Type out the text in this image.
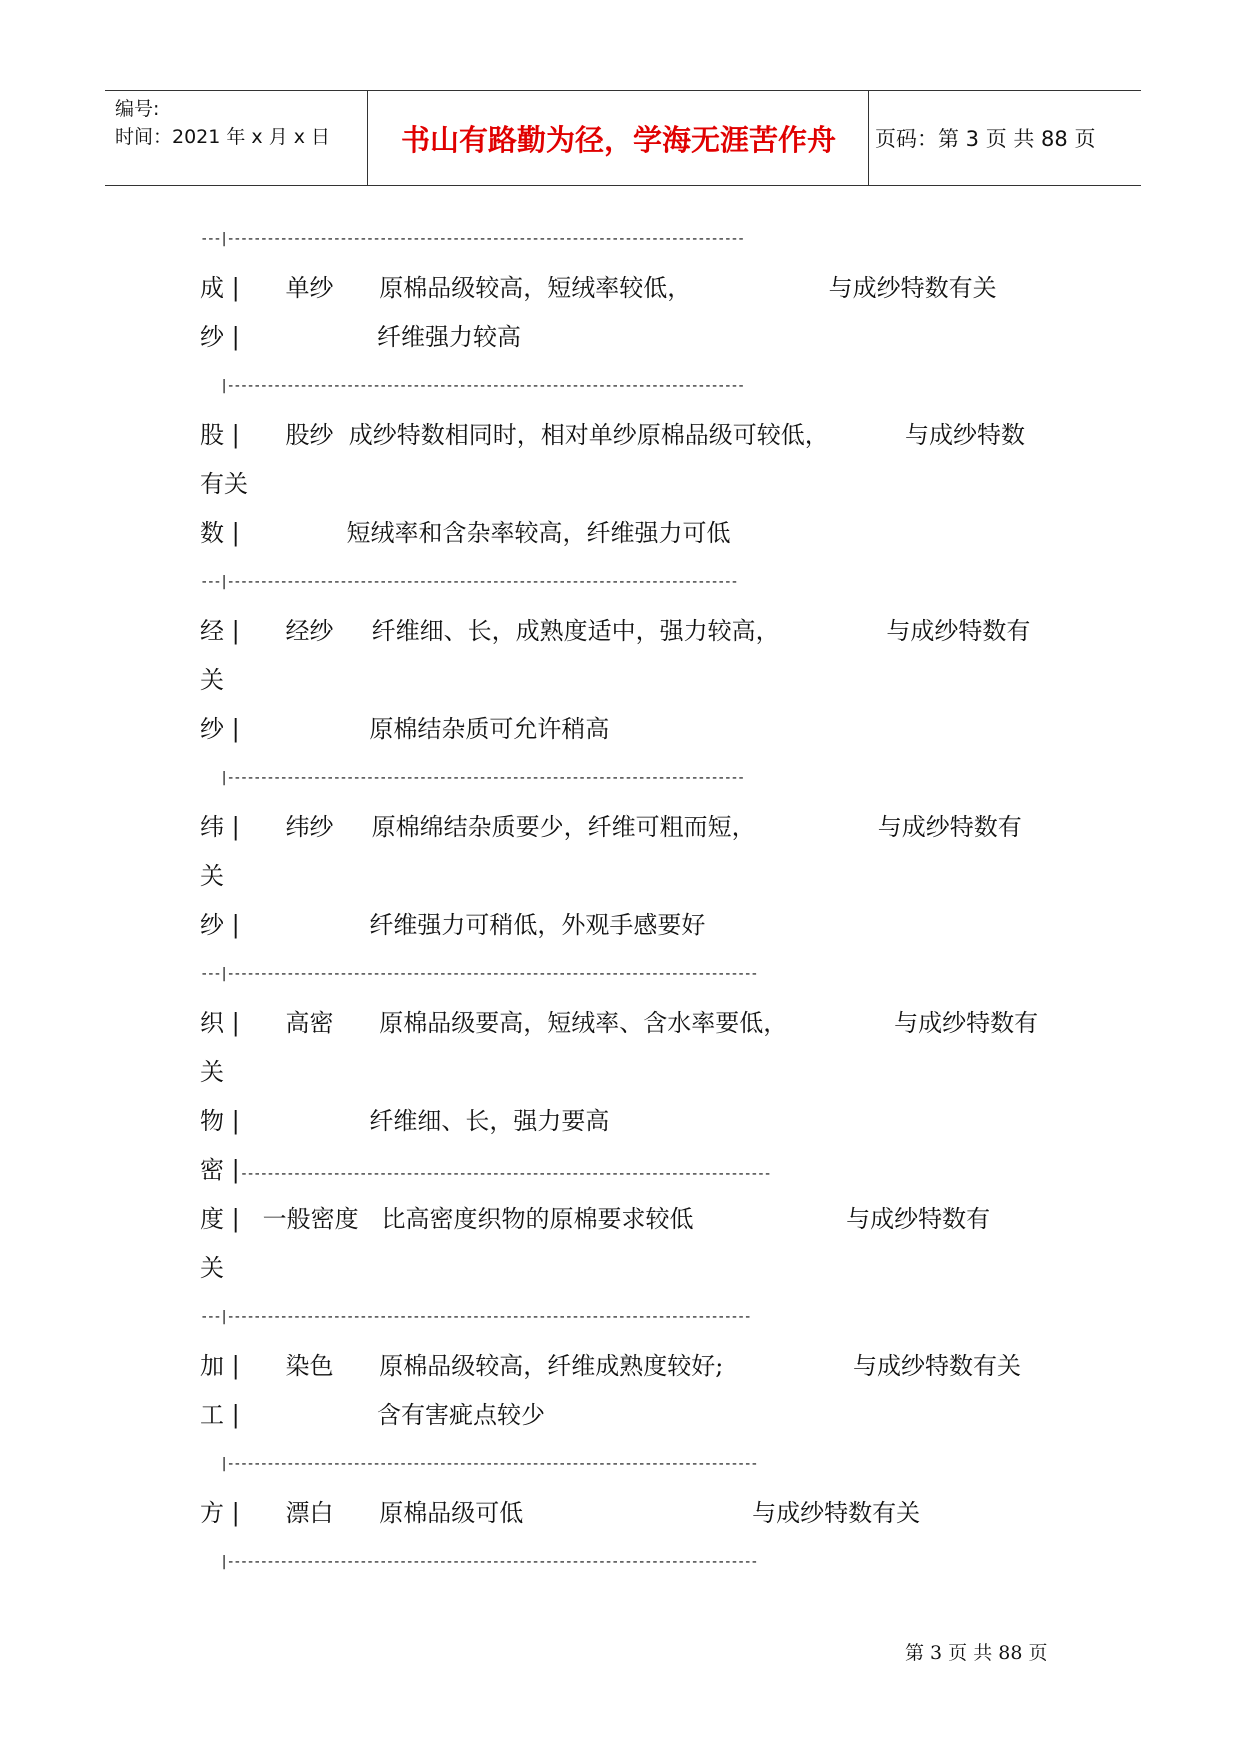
编号:
时间：2021 年 x 月 x 日	书山有路勤为径，学海无涯苦作舟	页码：第 3 页 共 88 页
---|------------------------------------------------------------------------------
成 |      单纱      原棉品级较高，短绒率较低，                  与成纱特数有关
纱 |                  纤维强力较高
|------------------------------------------------------------------------------
股 |      股纱  成纱特数相同时，相对单纱原棉品级可较低，          与成纱特数
有关
数 |              短绒率和含杂率较高，纤维强力可低
---|-----------------------------------------------------------------------------
经 |      经纱     纤维细、长，成熟度适中，强力较高，              与成纱特数有
关
纱 |                 原棉结杂质可允许稍高
|------------------------------------------------------------------------------
纬 |      纬纱     原棉绵结杂质要少，纤维可粗而短，                与成纱特数有
关
纱 |                 纤维强力可稍低，外观手感要好
---|--------------------------------------------------------------------------------
织 |      高密      原棉品级要高，短绒率、含水率要低，              与成纱特数有
关
物 |                 纤维细、长，强力要高
密 |--------------------------------------------------------------------------------
度 |   一般密度   比高密度织物的原棉要求较低                    与成纱特数有
关
---|-------------------------------------------------------------------------------
加 |      染色      原棉品级较高，纤维成熟度较好;                 与成纱特数有关
工 |                  含有害疵点较少
|--------------------------------------------------------------------------------
方 |      漂白      原棉品级可低                              与成纱特数有关
|--------------------------------------------------------------------------------
第 3 页 共 88 页
